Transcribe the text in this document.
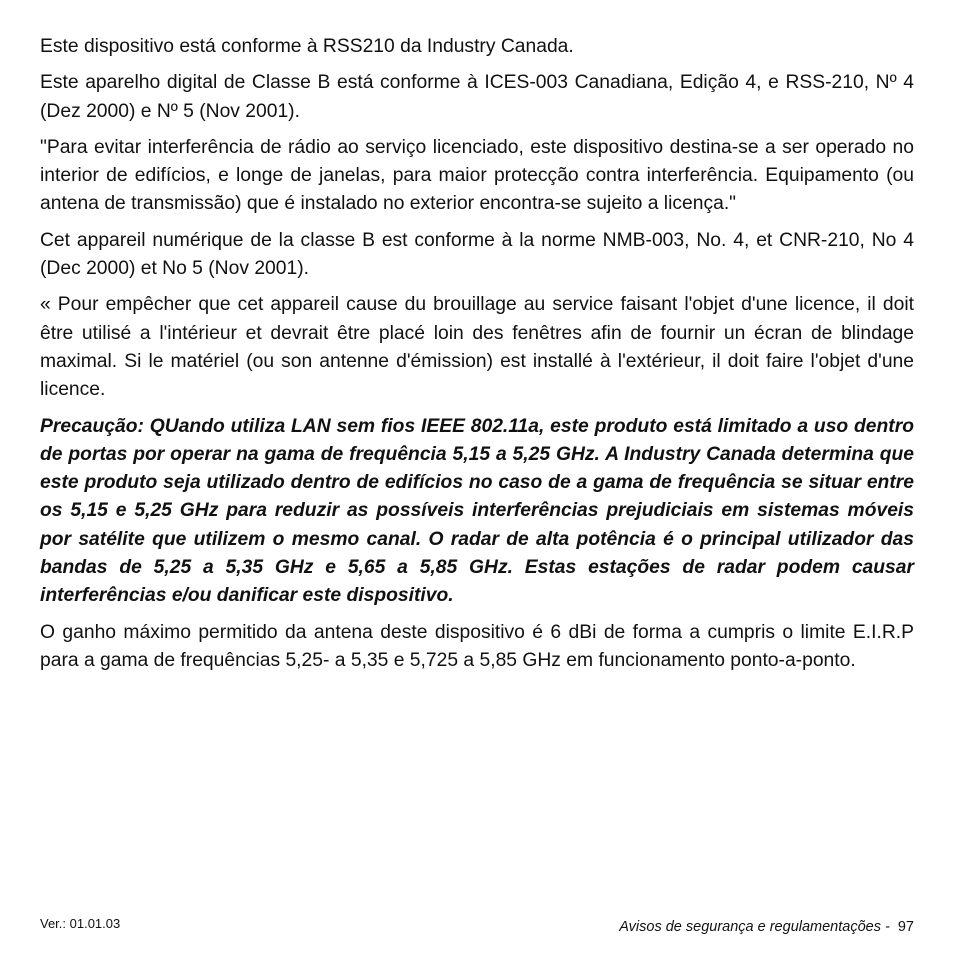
Este dispositivo está conforme à RSS210 da Industry Canada.

Este aparelho digital de Classe B está conforme à ICES-003 Canadiana, Edição 4, e RSS-210, Nº 4 (Dez 2000) e Nº 5 (Nov 2001).

"Para evitar interferência de rádio ao serviço licenciado, este dispositivo destina-se a ser operado no interior de edifícios, e longe de janelas, para maior protecção contra interferência. Equipamento (ou antena de transmissão) que é instalado no exterior encontra-se sujeito a licença."

Cet appareil numérique de la classe B est conforme à la norme NMB-003, No. 4, et CNR-210, No 4 (Dec 2000) et No 5 (Nov 2001).

« Pour empêcher que cet appareil cause du brouillage au service faisant l'objet d'une licence, il doit être utilisé a l'intérieur et devrait être placé loin des fenêtres afin de fournir un écran de blindage maximal. Si le matériel (ou son antenne d'émission) est installé à l'extérieur, il doit faire l'objet d'une licence.

Precaução: QUando utiliza LAN sem fios IEEE 802.11a, este produto está limitado a uso dentro de portas por operar na gama de frequência 5,15 a 5,25 GHz. A Industry Canada determina que este produto seja utilizado dentro de edifícios no caso de a gama de frequência se situar entre os 5,15 e 5,25 GHz para reduzir as possíveis interferências prejudiciais em sistemas móveis por satélite que utilizem o mesmo canal. O radar de alta potência é o principal utilizador das bandas de 5,25 a 5,35 GHz e 5,65 a 5,85 GHz. Estas estações de radar podem causar interferências e/ou danificar este dispositivo.

O ganho máximo permitido da antena deste dispositivo é 6 dBi de forma a cumpris o limite E.I.R.P para a gama de frequências 5,25- a 5,35 e 5,725 a 5,85 GHz em funcionamento ponto-a-ponto.

Ver.: 01.01.03	Avisos de segurança e regulamentações - 97
